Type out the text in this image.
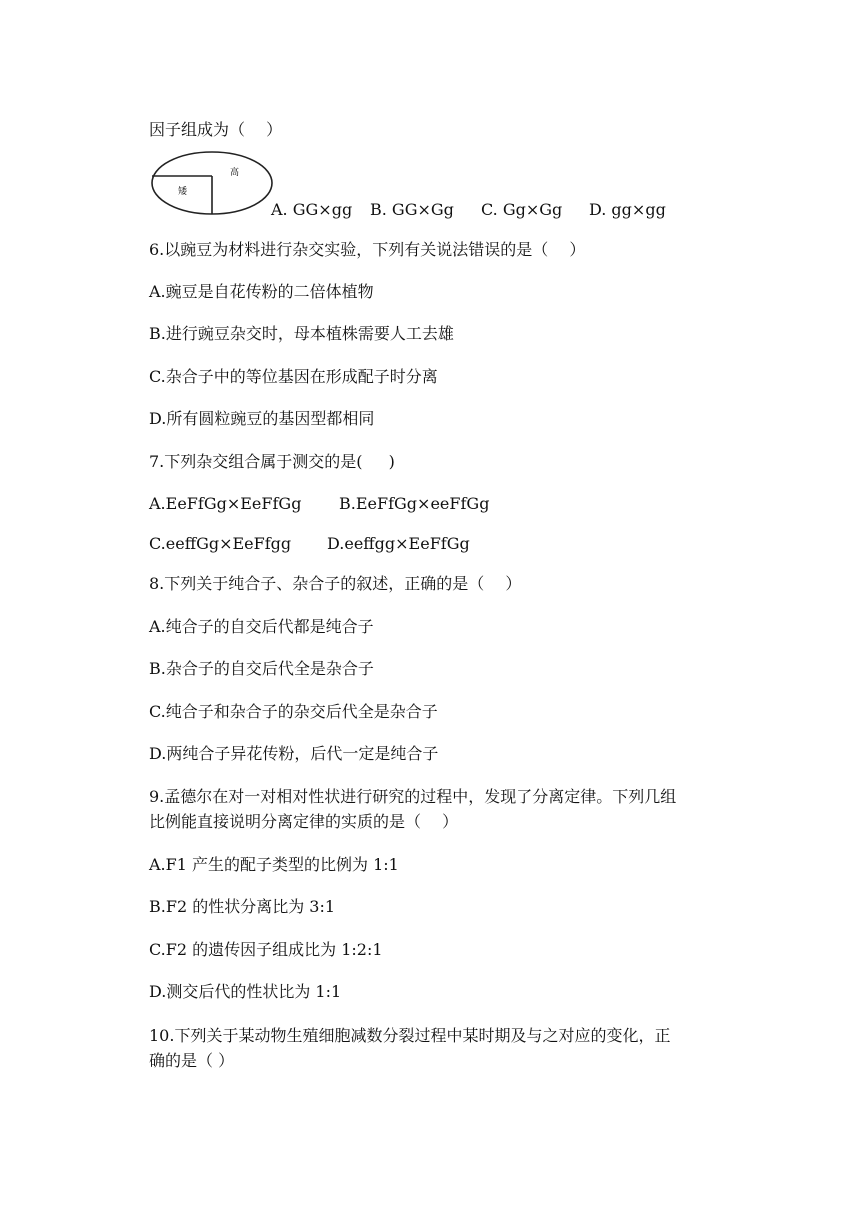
因子组成为（　 ）
高
矮
A. GG×gg B. GG×Gg C. Gg×Gg D. gg×gg
6.以豌豆为材料进行杂交实验，下列有关说法错误的是（　 ）
A.豌豆是自花传粉的二倍体植物
B.进行豌豆杂交时，母本植株需要人工去雄
C.杂合子中的等位基因在形成配子时分离
D.所有圆粒豌豆的基因型都相同
7.下列杂交组合属于测交的是(　  )
A.EeFfGg×EeFfGg B.EeFfGg×eeFfGg
C.eeffGg×EeFfgg D.eeffgg×EeFfGg
8.下列关于纯合子、杂合子的叙述，正确的是（　 ）
A.纯合子的自交后代都是纯合子
B.杂合子的自交后代全是杂合子
C.纯合子和杂合子的杂交后代全是杂合子
D.两纯合子异花传粉，后代一定是纯合子
9.孟德尔在对一对相对性状进行研究的过程中，发现了分离定律。下列几组
比例能直接说明分离定律的实质的是（　 ）
A.F1 产生的配子类型的比例为 1:1
B.F2 的性状分离比为 3:1
C.F2 的遗传因子组成比为 1:2:1
D.测交后代的性状比为 1:1
10.下列关于某动物生殖细胞减数分裂过程中某时期及与之对应的变化，正
确的是（ ）
